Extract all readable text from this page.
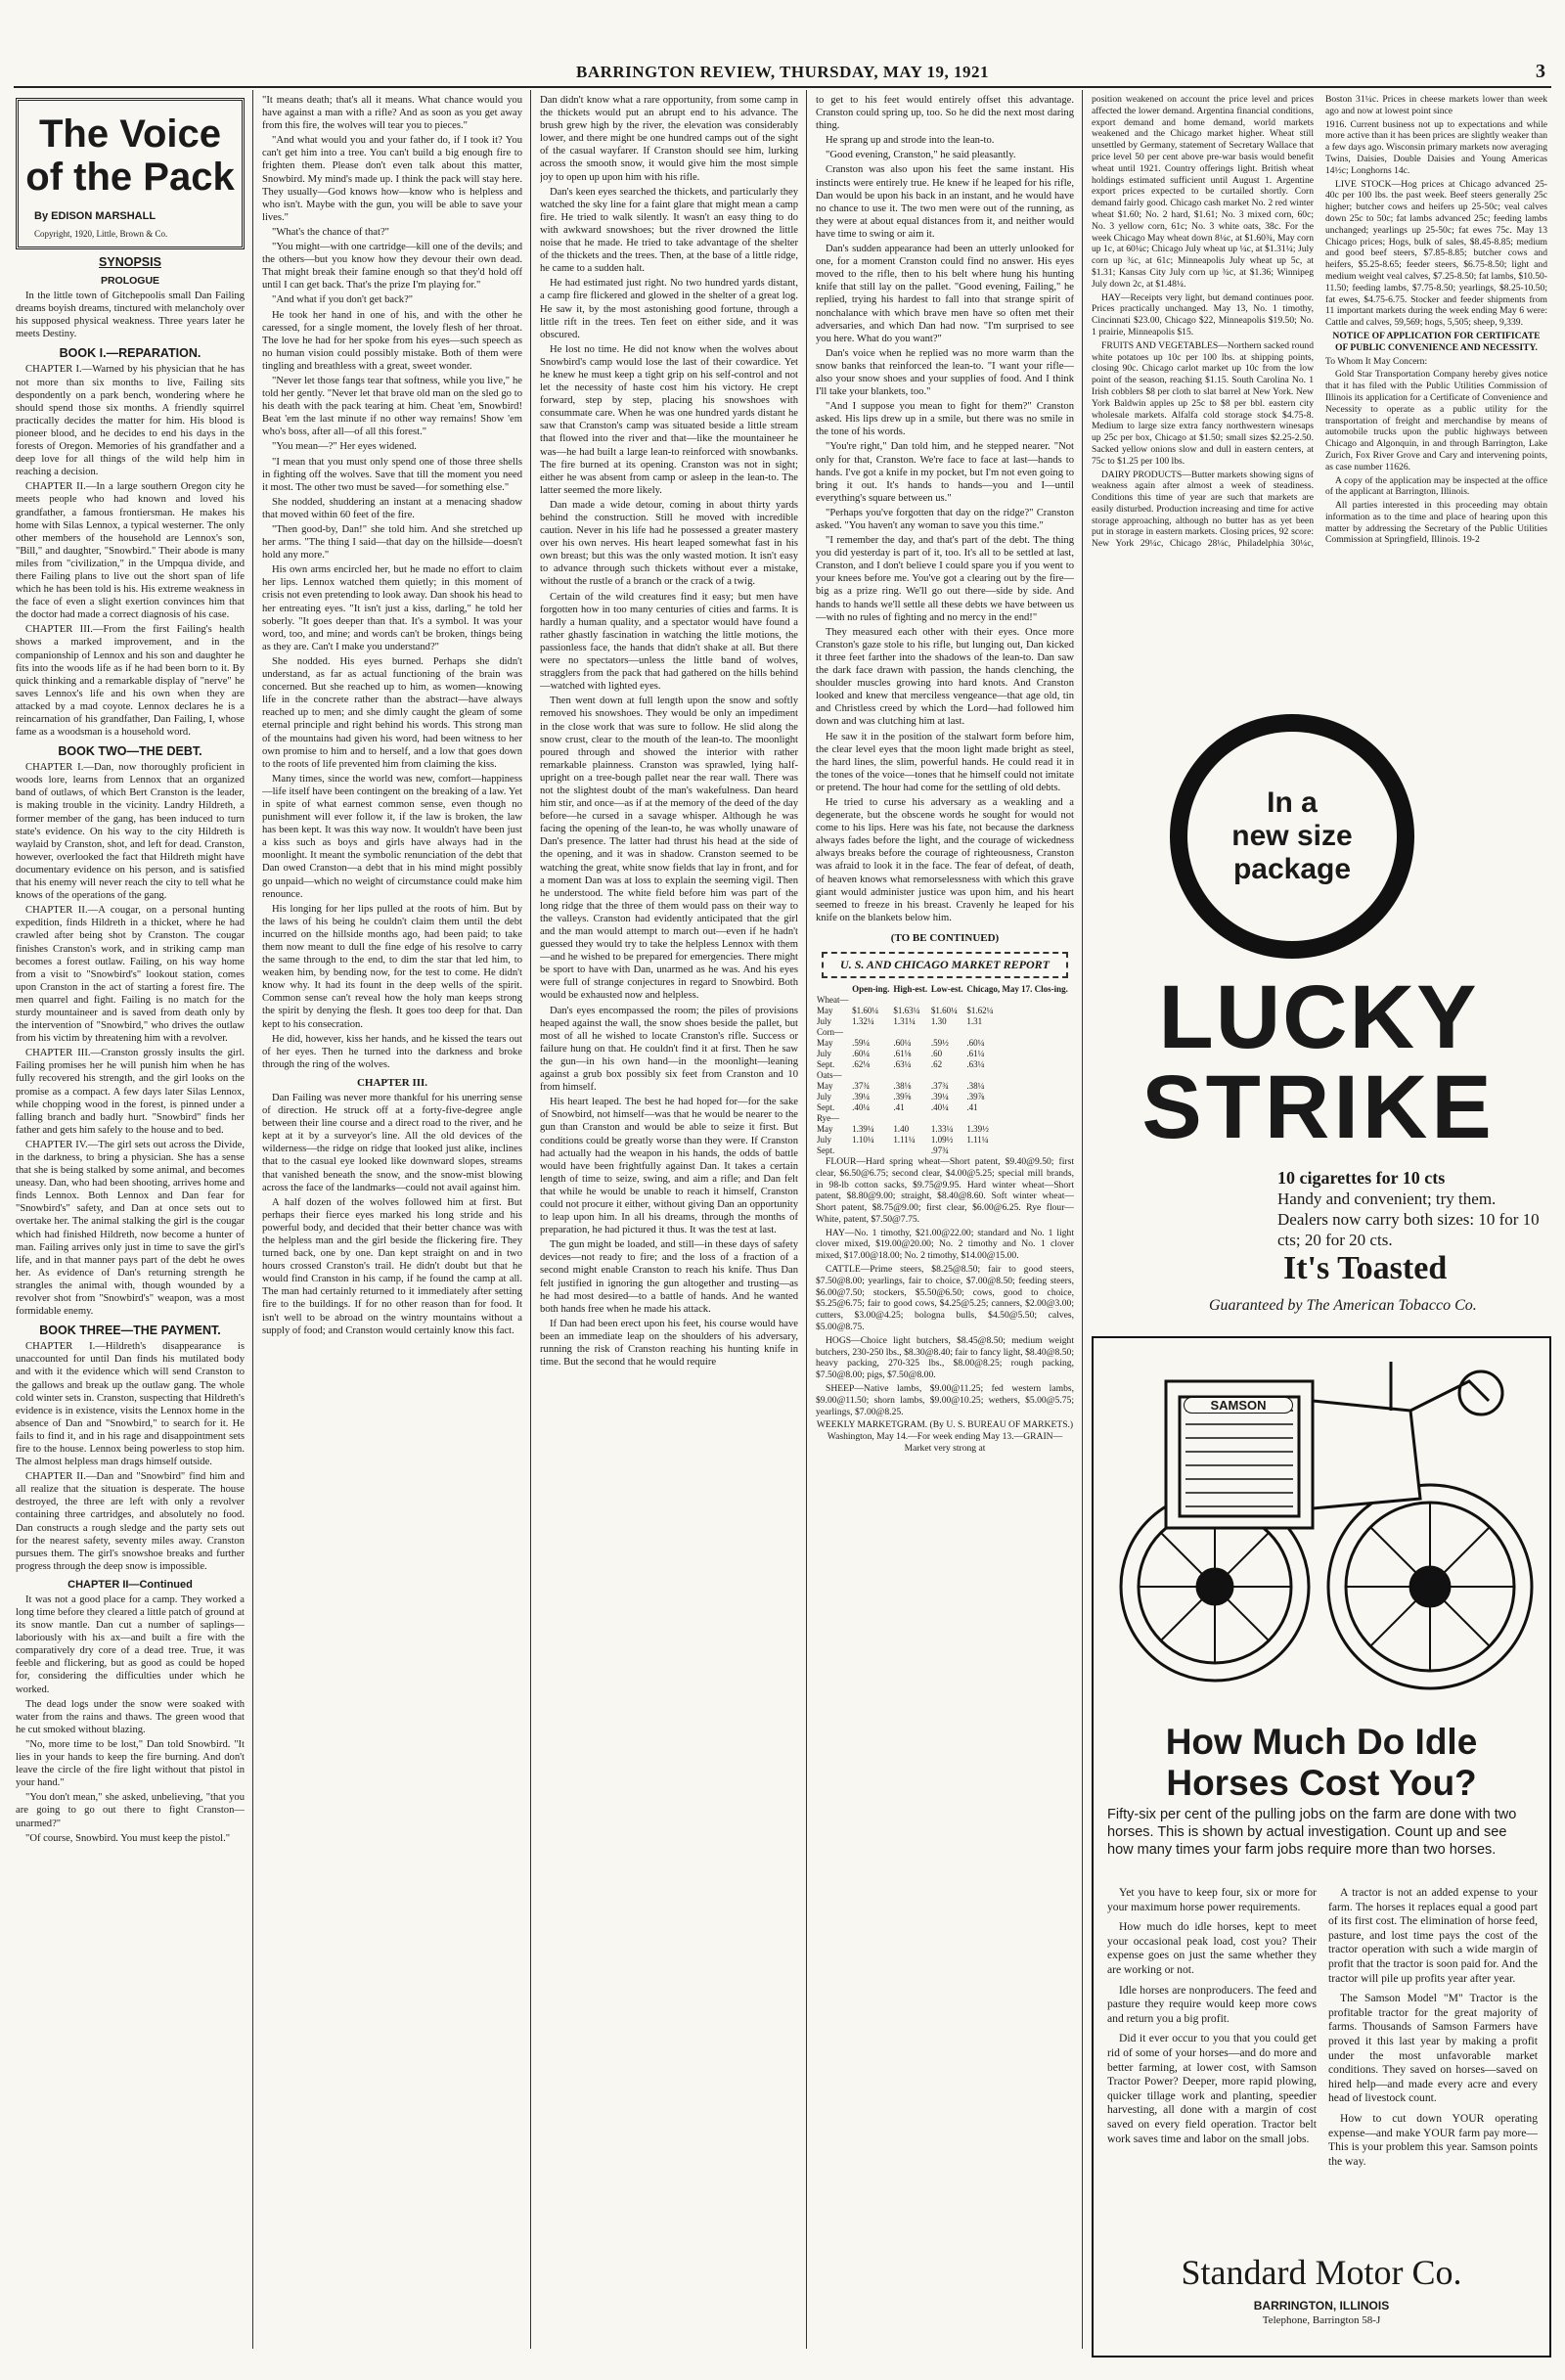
BARRINGTON REVIEW, THURSDAY, MAY 19, 1921	3
The Voice
of the Pack
By EDISON MARSHALL
Copyright, 1920, Little, Brown & Co.
SYNOPSIS
PROLOGUE

In the little town of Gitchepoolis small Dan Failing dreams boyish dreams, tinctured with melancholy over his supposed physical weakness. Three years later he meets Destiny.

BOOK I.—REPARATION.

CHAPTER I.—Warned by his physician that he has not more than six months to live, Failing sits despondently on a park bench, wondering where he should spend those six months. A friendly squirrel practically decides the matter for him. His blood is pioneer blood, and he decides to end his days in the forests of Oregon. Memories of his grandfather and a deep love for all things of the wild help him in reaching a decision.

CHAPTER II.—In a large southern Oregon city he meets people who had known and loved his grandfather, a famous frontiersman. He makes his home with Silas Lennox, a typical westerner. The only other members of the household are Lennox's son, "Bill," and daughter, "Snowbird." Their abode is many miles from "civilization," in the Umpqua divide, and there Failing plans to live out the short span of life which he has been told is his. His extreme weakness in the face of even a slight exertion convinces him that the doctor had made a correct diagnosis of his case.

CHAPTER III.—From the first Failing's health shows a marked improvement, and in the companionship of Lennox and his son and daughter he fits into the woods life as if he had been born to it. By quick thinking and a remarkable display of "nerve" he saves Lennox's life and his own when they are attacked by a mad coyote. Lennox declares he is a reincarnation of his grandfather, Dan Failing, I, whose fame as a woodsman is a household word.

BOOK TWO—THE DEBT.

CHAPTER I.—Dan, now thoroughly proficient in woods lore, learns from Lennox that an organized band of outlaws, of which Bert Cranston is the leader, is making trouble in the vicinity. Landry Hildreth, a former member of the gang, has been induced to turn state's evidence. On his way to the city Hildreth is waylaid by Cranston, shot, and left for dead. Cranston, however, overlooked the fact that Hildreth might have documentary evidence on his person, and is satisfied that his enemy will never reach the city to tell what he knows of the operations of the gang.

CHAPTER II.—A cougar, on a personal hunting expedition, finds Hildreth in a thicket, where he had crawled after being shot by Cranston. The cougar finishes Cranston's work, and in striking camp man becomes a forest outlaw. Failing, on his way home from a visit to "Snowbird's" lookout station, comes upon Cranston in the act of starting a forest fire. The men quarrel and fight. Failing is no match for the sturdy mountaineer and is saved from death only by the intervention of "Snowbird," who drives the outlaw from his victim by threatening him with a revolver.

CHAPTER III.—Cranston grossly insults the girl. Failing promises her he will punish him when he has fully recovered his strength, and the girl looks on the promise as a compact. A few days later Silas Lennox, while chopping wood in the forest, is pinned under a falling branch and badly hurt. "Snowbird" finds her father and gets him safely to the house and to bed.

CHAPTER IV.—The girl sets out across the Divide, in the darkness, to bring a physician. She has a sense that she is being stalked by some animal, and becomes uneasy. Dan, who had been shooting, arrives home and finds Lennox. Both Lennox and Dan fear for "Snowbird's" safety, and Dan at once sets out to overtake her. The animal stalking the girl is the cougar which had finished Hildreth, now become a hunter of man. Failing arrives only just in time to save the girl's life, and in that manner pays part of the debt he owes her. As evidence of Dan's returning strength he strangles the animal with, though wounded by a revolver shot from "Snowbird's" weapon, was a most formidable enemy.

BOOK THREE—THE PAYMENT.

CHAPTER I.—Hildreth's disappearance is unaccounted for until Dan finds his mutilated body and with it the evidence which will send Cranston to the gallows and break up the outlaw gang. The whole cold winter sets in. Cranston, suspecting that Hildreth's evidence is in existence, visits the Lennox home in the absence of Dan and "Snowbird," to search for it. He fails to find it, and in his rage and disappointment sets fire to the house. Lennox being powerless to stop him. The almost helpless man drags himself outside.

CHAPTER II.—Dan and "Snowbird" find him and all realize that the situation is desperate. The house destroyed, the three are left with only a revolver containing three cartridges, and absolutely no food. Dan constructs a rough sledge and the party sets out for the nearest safety, seventy miles away. Cranston pursues them. The girl's snowshoe breaks and further progress through the deep snow is impossible.

CHAPTER II—Continued

It was not a good place for a camp. They worked a long time before they cleared a little patch of ground at its snow mantle. Dan cut a number of saplings—laboriously with his ax—and built a fire with the comparatively dry core of a dead tree. True, it was feeble and flickering, but as good as could be hoped for, considering the difficulties under which he worked.

The dead logs under the snow were soaked with water from the rains and thaws. The green wood that he cut smoked without blazing.

"No, more time to be lost," Dan told Snowbird. "It lies in your hands to keep the fire burning. And don't leave the circle of the fire light without that pistol in your hand."

"You don't mean," she asked, unbelieving, "that you are going to go out there to fight Cranston—unarmed?"

"Of course, Snowbird. You must keep the pistol."

"It means death; that's all it means. What chance would you have against a man with a rifle? And as soon as you get away from this fire, the wolves will tear you to pieces."

"And what would you and your father do, if I took it? You can't get him into a tree. You can't build a big enough fire to frighten them. Please don't even talk about this matter, Snowbird. My mind's made up. I think the pack will stay here. They usually—God knows how—know who is helpless and who isn't. Maybe with the gun, you will be able to save your lives."

"What's the chance of that?"

"You might—with one cartridge—kill one of the devils; and the others—but you know how they devour their own dead. That might break their famine enough so that they'd hold off until I can get back. That's the prize I'm playing for."

"And what if you don't get back?"

He took her hand in one of his, and with the other he caressed, for a single moment, the lovely flesh of her throat. The love he had for her spoke from his eyes—such speech as no human vision could possibly mistake. Both of them were tingling and breathless with a great, sweet wonder.

"Never let those fangs tear that softness, while you live," he told her gently. "Never let that brave old man on the sled go to his death with the pack tearing at him. Cheat 'em, Snowbird! Beat 'em the last minute if no other way remains! Show 'em who's boss, after all—of all this forest."

"You mean—?" Her eyes widened.

"I mean that you must only spend one of those three shells in fighting off the wolves. Save that till the moment you need it most. The other two must be saved—for something else."

She nodded, shuddering an instant at a menacing shadow that moved within 60 feet of the fire.

"Then good-by, Dan!" she told him. And she stretched up her arms. "The thing I said—that day on the hillside—doesn't hold any more."

His own arms encircled her, but he made no effort to claim her lips. Lennox watched them quietly; in this moment of crisis not even pretending to look away. Dan shook his head to her entreating eyes. "It isn't just a kiss, darling," he told her soberly. "It goes deeper than that. It's a symbol. It was your word, too, and mine; and words can't be broken, things being as they are. Can't I make you understand?"

She nodded. His eyes burned. Perhaps she didn't understand, as far as actual functioning of the brain was concerned. But she reached up to him, as women—knowing life in the concrete rather than the abstract—have always reached up to men; and she dimly caught the gleam of some eternal principle and right behind his words. This strong man of the mountains had given his word, had been witness to her own promise to him and to herself, and a low that goes down to the roots of life prevented him from claiming the kiss.

Many times, since the world was new, comfort—happiness—life itself have been contingent on the breaking of a law. Yet in spite of what earnest common sense, even though no punishment will ever follow it, if the law is broken, the law has been kept. It was this way now. It wouldn't have been just a kiss such as boys and girls have always had in the moonlight. It meant the symbolic renunciation of the debt that Dan owed Cranston—a debt that in his mind might possibly go unpaid—which no weight of circumstance could make him renounce.

His longing for her lips pulled at the roots of him. But by the laws of his being he couldn't claim them until the debt incurred on the hillside months ago, had been paid; to take them now meant to dull the fine edge of his resolve to carry the same through to the end, to dim the star that led him, to weaken him, by bending now, for the test to come. He didn't know why. It had its fount in the deep wells of the spirit. Common sense can't reveal how the holy man keeps strong the spirit by denying the flesh. It goes too deep for that. Dan kept to his consecration.

He did, however, kiss her hands, and he kissed the tears out of her eyes. Then he turned into the darkness and broke through the ring of the wolves.

CHAPTER III.

Dan Failing was never more thankful for his unerring sense of direction. He struck off at a forty-five-degree angle between their line course and a direct road to the river, and he kept at it by a surveyor's line. All the old devices of the wilderness—the ridge on ridge that looked just alike, inclines that to the casual eye looked like downward slopes, streams that vanished beneath the snow, and the snow-mist blowing across the face of the landmarks—could not avail against him.

A half dozen of the wolves followed him at first. But perhaps their fierce eyes marked his long stride and his powerful body, and decided that their better chance was with the helpless man and the girl beside the flickering fire. They turned back, one by one. Dan kept straight on and in two hours crossed Cranston's trail. He didn't doubt but that he would find Cranston in his camp, if he found the camp at all. The man had certainly returned to it immediately after setting fire to the buildings. If for no other reason than for food. It isn't well to be abroad on the wintry mountains without a supply of food; and Cranston would certainly know this fact.

Dan didn't know what a rare opportunity, from some camp in the thickets would put an abrupt end to his advance. The brush grew high by the river, the elevation was considerably lower, and there might be one hundred camps out of the sight of the casual wayfarer. If Cranston should see him, lurking across the smooth snow, it would give him the most simple joy to open up upon him with his rifle.

Dan's keen eyes searched the thickets, and particularly they watched the sky line for a faint glare that might mean a camp fire. He tried to walk silently. It wasn't an easy thing to do with awkward snowshoes; but the river drowned the little noise that he made. He tried to take advantage of the shelter of the thickets and the trees. Then, at the base of a little ridge, he came to a sudden halt.

He had estimated just right. No two hundred yards distant, a camp fire flickered and glowed in the shelter of a great log. He saw it, by the most astonishing good fortune, through a little rift in the trees. Ten feet on either side, and it was obscured.

He lost no time. He did not know when the wolves about Snowbird's camp would lose the last of their cowardice. Yet he knew he must keep a tight grip on his self-control and not let the necessity of haste cost him his victory. He crept forward, step by step, placing his snowshoes with consummate care. When he was one hundred yards distant he saw that Cranston's camp was situated beside a little stream that flowed into the river and that—like the mountaineer he was—he had built a large lean-to reinforced with snowbanks. The fire burned at its opening. Cranston was not in sight; either he was absent from camp or asleep in the lean-to. The latter seemed the more likely.

Dan made a wide detour, coming in about thirty yards behind the construction. Still he moved with incredible caution. Never in his life had he possessed a greater mastery over his own nerves. His heart leaped somewhat fast in his own breast; but this was the only wasted motion. It isn't easy to advance through such thickets without ever a mistake, without the rustle of a branch or the crack of a twig.

Certain of the wild creatures find it easy; but men have forgotten how in too many centuries of cities and farms. It is hardly a human quality, and a spectator would have found a rather ghastly fascination in watching the little motions, the passionless face, the hands that didn't shake at all. But there were no spectators—unless the little band of wolves, stragglers from the pack that had gathered on the hills behind—watched with lighted eyes.

Then went down at full length upon the snow and softly removed his snowshoes. They would be only an impediment in the close work that was sure to follow. He slid along the snow crust, clear to the mouth of the lean-to. The moonlight poured through and showed the interior with rather remarkable plainness. Cranston was sprawled, lying half-upright on a tree-bough pallet near the rear wall. There was not the slightest doubt of the man's wakefulness. Dan heard him stir, and once—as if at the memory of the deed of the day before—he cursed in a savage whisper. Although he was facing the opening of the lean-to, he was wholly unaware of Dan's presence. The latter had thrust his head at the side of the opening, and it was in shadow. Cranston seemed to be watching the great, white snow fields that lay in front, and for a moment Dan was at loss to explain the seeming vigil. Then he understood. The white field before him was part of the long ridge that the three of them would pass on their way to the valleys. Cranston had evidently anticipated that the girl and the man would attempt to march out—even if he hadn't guessed they would try to take the helpless Lennox with them—and he wished to be prepared for emergencies. There might be sport to have with Dan, unarmed as he was. And his eyes were full of strange conjectures in regard to Snowbird. Both would be exhausted now and helpless.

Dan's eyes encompassed the room; the piles of provisions heaped against the wall, the snow shoes beside the pallet, but most of all he wished to locate Cranston's rifle. Success or failure hung on that. He couldn't find it at first. Then he saw the gun—in his own hand—in the moonlight—leaning against a grub box possibly six feet from Cranston and 10 from himself.

His heart leaped. The best he had hoped for—for the sake of Snowbird, not himself—was that he would be nearer to the gun than Cranston and would be able to seize it first. But conditions could be greatly worse than they were. If Cranston had actually had the weapon in his hands, the odds of battle would have been frightfully against Dan. It takes a certain length of time to seize, swing, and aim a rifle; and Dan felt that while he would be unable to reach it himself, Cranston could not procure it either, without giving Dan an opportunity to leap upon him. In all his dreams, through the months of preparation, he had pictured it thus. It was the test at last.

The gun might be loaded, and still—in these days of safety devices—not ready to fire; and the loss of a fraction of a second might enable Cranston to reach his knife. Thus Dan felt justified in ignoring the gun altogether and trusting—as he had most desired—to a battle of hands. And he wanted both hands free when he made his attack.

If Dan had been erect upon his feet, his course would have been an immediate leap on the shoulders of his adversary, running the risk of Cranston reaching his hunting knife in time. But the second that he would require

to get to his feet would entirely offset this advantage. Cranston could spring up, too. So he did the next most daring thing.

He sprang up and strode into the lean-to.

"Good evening, Cranston," he said pleasantly.

Cranston was also upon his feet the same instant. His instincts were entirely true. He knew if he leaped for his rifle, Dan would be upon his back in an instant, and he would have no chance to use it. The two men were out of the running, as they were at about equal distances from it, and neither would have time to swing or aim it.

Dan's sudden appearance had been an utterly unlooked for one, for a moment Cranston could find no answer. His eyes moved to the rifle, then to his belt where hung his hunting knife that still lay on the pallet. "Good evening, Failing," he replied, trying his hardest to fall into that strange spirit of nonchalance with which brave men have so often met their adversaries, and which Dan had now. "I'm surprised to see you here. What do you want?"

Dan's voice when he replied was no more warm than the snow banks that reinforced the lean-to. "I want your rifle—also your snow shoes and your supplies of food. And I think I'll take your blankets, too."

"And I suppose you mean to fight for them?" Cranston asked. His lips drew up in a smile, but there was no smile in the tone of his words.

"You're right," Dan told him, and he stepped nearer. "Not only for that, Cranston. We're face to face at last—hands to hands. I've got a knife in my pocket, but I'm not even going to bring it out. It's hands to hands—you and I—until everything's square between us."

"Perhaps you've forgotten that day on the ridge?" Cranston asked. "You haven't any woman to save you this time."

"I remember the day, and that's part of the debt. The thing you did yesterday is part of it, too. It's all to be settled at last, Cranston, and I don't believe I could spare you if you went to your knees before me. You've got a clearing out by the fire—big as a prize ring. We'll go out there—side by side. And hands to hands we'll settle all these debts we have between us—with no rules of fighting and no mercy in the end!"

They measured each other with their eyes. Once more Cranston's gaze stole to his rifle, but lunging out, Dan kicked it three feet farther into the shadows of the lean-to. Dan saw the dark face drawn with passion, the hands clenching, the shoulder muscles growing into hard knots. And Cranston looked and knew that merciless vengeance—that age old, tin and Christless creed by which the Lord—had followed him down and was clutching him at last.

He saw it in the position of the stalwart form before him, the clear level eyes that the moon light made bright as steel, the hard lines, the slim, powerful hands. He could read it in the tones of the voice—tones that he himself could not imitate or pretend. The hour had come for the settling of old debts.

He tried to curse his adversary as a weakling and a degenerate, but the obscene words he sought for would not come to his lips. Here was his fate, not because the darkness always fades before the light, and the courage of wickedness always breaks before the courage of righteousness, Cranston was afraid to look it in the face. The fear of defeat, of death, of heaven knows what remorselessness with which this grave giant would administer justice was upon him, and his heart seemed to freeze in his breast. Cravenly he leaped for his knife on the blankets below him.

(TO BE CONTINUED)
U. S. AND CHICAGO MARKET REPORT
	Open-ing.	High-est.	Low-est.	Chicago, May 17. Clos-ing.
Wheat—				
May	$1.60¼	$1.63¼	$1.60¼	$1.62¼
July	1.32¼	1.31¼	1.30	1.31
Corn—				
May	.59¼	.60¼	.59½	.60¼
July	.60¼	.61⅛	.60	.61¼
Sept.	.62⅛	.63¼	.62	.63¼
Oats—				
May	.37¾	.38⅛	.37¾	.38¼
July	.39¼	.39⅝	.39¼	.39⅞
Sept.	.40¼	.41	.40¼	.41
Rye—				
May	1.39¼	1.40	1.33¼	1.39½
July	1.10¼	1.11¼	1.09½	1.11¼
Sept.			.97¾	

FLOUR—Hard spring wheat—Short patent, $9.40@9.50; first clear, $6.50@6.75; second clear, $4.00@5.25; special mill brands, in 98-lb cotton sacks, $9.75@9.95. Hard winter wheat—Short patent, $8.80@9.00; straight, $8.40@8.60. Soft winter wheat—Short patent, $8.75@9.00; first clear, $6.00@6.25. Rye flour—White, patent, $7.50@7.75.

HAY—No. 1 timothy, $21.00@22.00; standard and No. 1 light clover mixed, $19.00@20.00; No. 2 timothy and No. 1 clover mixed, $17.00@18.00; No. 2 timothy, $14.00@15.00.

CATTLE—Prime steers, $8.25@8.50; fair to good steers, $7.50@8.00; yearlings, fair to choice, $7.00@8.50; feeding steers, $6.00@7.50; stockers, $5.50@6.50; cows, good to choice, $5.25@6.75; fair to good cows, $4.25@5.25; canners, $2.00@3.00; cutters, $3.00@4.25; bologna bulls, $4.50@5.50; calves, $5.00@8.75.

HOGS—Choice light butchers, $8.45@8.50; medium weight butchers, 230-250 lbs., $8.30@8.40; fair to fancy light, $8.40@8.50; heavy packing, 270-325 lbs., $8.00@8.25; rough packing, $7.50@8.00; pigs, $7.50@8.00.

SHEEP—Native lambs, $9.00@11.25; fed western lambs, $9.00@11.50; shorn lambs, $9.00@10.25; wethers, $5.00@5.75; yearlings, $7.00@8.25.

WEEKLY MARKETGRAM. (By U. S. BUREAU OF MARKETS.) Washington, May 14.—For week ending May 13.—GRAIN—Market very strong at

position weakened on account the price level and prices affected the lower demand. Argentina financial conditions, export demand and home demand, world markets weakened and the Chicago market higher. Wheat still unsettled by Germany, statement of Secretary Wallace that price level 50 per cent above pre-war basis would benefit wheat until 1921. Country offerings light. British wheat holdings estimated sufficient until August 1. Argentine export prices expected to be curtailed shortly. Corn demand fairly good. Chicago cash market No. 2 red winter wheat $1.60; No. 2 hard, $1.61; No. 3 mixed corn, 60c; No. 3 yellow corn, 61c; No. 3 white oats, 38c. For the week Chicago May wheat down 8¼c, at $1.60¾, May corn up 1c, at 60¼c; Chicago July wheat up ¼c, at $1.31¼; July corn up ¾c, at 61c; Minneapolis July wheat up 5c, at $1.31; Kansas City July corn up ¾c, at $1.36; Winnipeg July down 2c, at $1.48¼.

HAY—Receipts very light, but demand continues poor. Prices practically unchanged. May 13, No. 1 timothy, Cincinnati $23.00, Chicago $22, Minneapolis $19.50; No. 1 prairie, Minneapolis $15.

FRUITS AND VEGETABLES—Northern sacked round white potatoes up 10c per 100 lbs. at shipping points, closing 90c. Chicago carlot market up 10c from the low point of the season, reaching $1.15. South Carolina No. 1 Irish cobblers $8 per cloth to slat barrel at New York. New York Baldwin apples up 25c to $8 per bbl. eastern city wholesale markets. Alfalfa cold storage stock $4.75-8. Medium to large size extra fancy northwestern winesaps up 25c per box, Chicago at $1.50; small sizes $2.25-2.50. Sacked yellow onions slow and dull in eastern centers, at 75c to $1.25 per 100 lbs.

DAIRY PRODUCTS—Butter markets showing signs of weakness again after almost a week of steadiness. Conditions this time of year are such that markets are easily disturbed. Production increasing and time for active storage approaching, although no butter has as yet been put in storage in eastern markets. Closing prices, 92 score: New York 29¼c, Chicago 28¼c, Philadelphia 30¼c, Boston 31¼c. Prices in cheese markets lower than week ago and now at lowest point since

1916. Current business not up to expectations and while more active than it has been prices are slightly weaker than a few days ago. Wisconsin primary markets now averaging Twins, Daisies, Double Daisies and Young Americas 14½c; Longhorns 14c.

LIVE STOCK—Hog prices at Chicago advanced 25-40c per 100 lbs. the past week. Beef steers generally 25c higher; butcher cows and heifers up 25-50c; veal calves down 25c to 50c; fat lambs advanced 25c; feeding lambs unchanged; yearlings up 25-50c; fat ewes 75c. May 13 Chicago prices; Hogs, bulk of sales, $8.45-8.85; medium and good beef steers, $7.85-8.85; butcher cows and heifers, $5.25-8.65; feeder steers, $6.75-8.50; light and medium weight veal calves, $7.25-8.50; fat lambs, $10.50-11.50; feeding lambs, $7.75-8.50; yearlings, $8.25-10.50; fat ewes, $4.75-6.75. Stocker and feeder shipments from 11 important markets during the week ending May 6 were: Cattle and calves, 59,569; hogs, 5,505; sheep, 9,339.

NOTICE OF APPLICATION FOR CERTIFICATE OF PUBLIC CONVENIENCE AND NECESSITY.

To Whom It May Concern:

Gold Star Transportation Company hereby gives notice that it has filed with the Public Utilities Commission of Illinois its application for a Certificate of Convenience and Necessity to operate as a public utility for the transportation of freight and merchandise by means of automobile trucks upon the public highways between Chicago and Algonquin, in and through Barrington, Lake Zurich, Fox River Grove and Cary and intervening points, as case number 11626.

A copy of the application may be inspected at the office of the applicant at Barrington, Illinois.

All parties interested in this proceeding may obtain information as to the time and place of hearing upon this matter by addressing the Secretary of the Public Utilities Commission at Springfield, Illinois. 19-2

In a
new size
package
LUCKY
STRIKE
10 cigarettes for 10 cts
Handy and convenient; try them. Dealers now carry both sizes: 10 for 10 cts; 20 for 20 cts.
It's Toasted
Guaranteed by The American Tobacco Co.
SAMSON
How Much Do Idle
Horses Cost You?
Fifty-six per cent of the pulling jobs on the farm are done with two horses. This is shown by actual investigation. Count up and see how many times your farm jobs require more than two horses.

Yet you have to keep four, six or more for your maximum horse power requirements.

How much do idle horses, kept to meet your occasional peak load, cost you? Their expense goes on just the same whether they are working or not.

Idle horses are nonproducers. The feed and pasture they require would keep more cows and return you a big profit.

Did it ever occur to you that you could get rid of some of your horses—and do more and better farming, at lower cost, with Samson Tractor Power? Deeper, more rapid plowing, quicker tillage work and planting, speedier harvesting, all done with a margin of cost saved on every field operation. Tractor belt work saves time and labor on the small jobs.

A tractor is not an added expense to your farm. The horses it replaces equal a good part of its first cost. The elimination of horse feed, pasture, and lost time pays the cost of the tractor operation with such a wide margin of profit that the tractor is soon paid for. And the tractor will pile up profits year after year.

The Samson Model "M" Tractor is the profitable tractor for the great majority of farms. Thousands of Samson Farmers have proved it this last year by making a profit under the most unfavorable market conditions. They saved on horses—saved on hired help—and made every acre and every head of livestock count.

How to cut down YOUR operating expense—and make YOUR farm pay more—This is your problem this year. Samson points the way.

Standard Motor Co.
BARRINGTON, ILLINOIS
Telephone, Barrington 58-J
